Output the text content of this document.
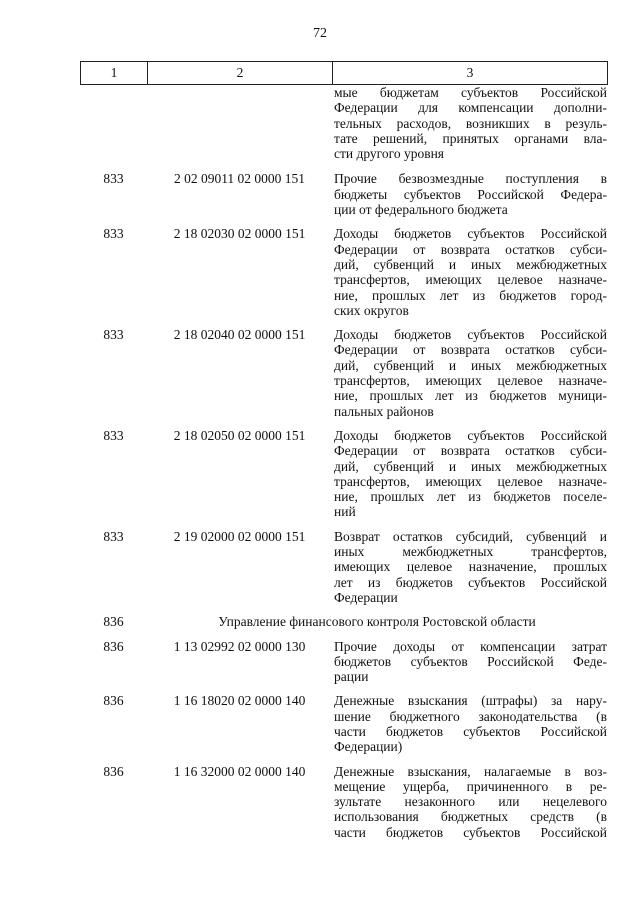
72
1	2	3
мые бюджетам субъектов Российской
Федерации для компенсации дополни-
тельных расходов, возникших в резуль-
тате решений, принятых органами вла-
сти другого уровня
833	2 02 09011 02 0000 151	Прочие безвозмездные поступления в
бюджеты субъектов Российской Федера-
ции от федерального бюджета
833	2 18 02030 02 0000 151	Доходы бюджетов субъектов Российской
Федерации от возврата остатков субси-
дий, субвенций и иных межбюджетных
трансфертов, имеющих целевое назначе-
ние, прошлых лет из бюджетов город-
ских округов
833	2 18 02040 02 0000 151	Доходы бюджетов субъектов Российской
Федерации от возврата остатков субси-
дий, субвенций и иных межбюджетных
трансфертов, имеющих целевое назначе-
ние, прошлых лет из бюджетов муници-
пальных районов
833	2 18 02050 02 0000 151	Доходы бюджетов субъектов Российской
Федерации от возврата остатков субси-
дий, субвенций и иных межбюджетных
трансфертов, имеющих целевое назначе-
ние, прошлых лет из бюджетов поселе-
ний
833	2 19 02000 02 0000 151	Возврат остатков субсидий, субвенций и
иных межбюджетных трансфертов,
имеющих целевое назначение, прошлых
лет из бюджетов субъектов Российской
Федерации
836	Управление финансового контроля Ростовской области
836	1 13 02992 02 0000 130	Прочие доходы от компенсации затрат
бюджетов субъектов Российской Феде-
рации
836	1 16 18020 02 0000 140	Денежные взыскания (штрафы) за нару-
шение бюджетного законодательства (в
части бюджетов субъектов Российской
Федерации)
836	1 16 32000 02 0000 140	Денежные взыскания, налагаемые в воз-
мещение ущерба, причиненного в ре-
зультате незаконного или нецелевого
использования бюджетных средств (в
части бюджетов субъектов Российской
